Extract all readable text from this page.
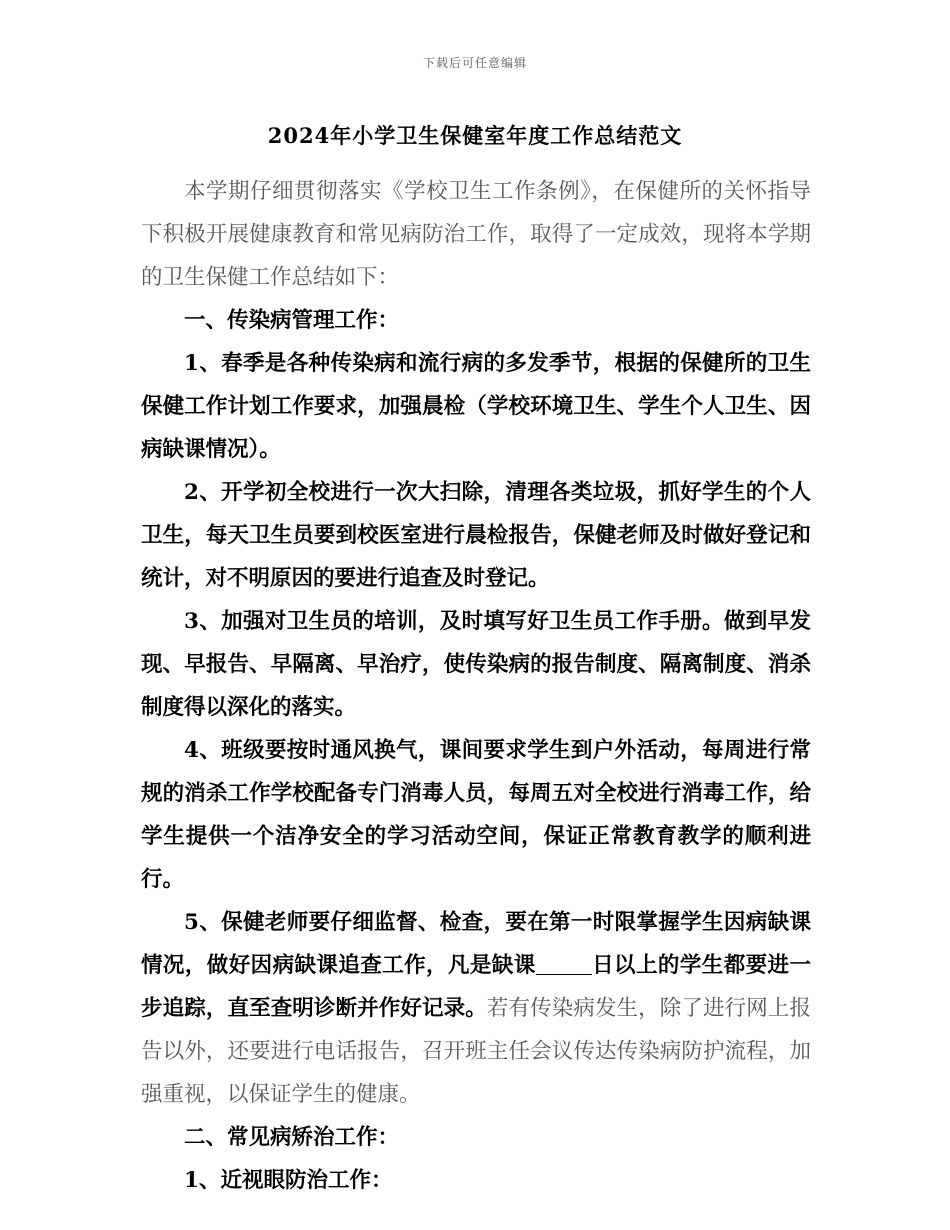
下载后可任意编辑
2024年小学卫生保健室年度工作总结范文

本学期仔细贯彻落实《学校卫生工作条例》，在保健所的关怀指导下积极开展健康教育和常见病防治工作，取得了一定成效，现将本学期的卫生保健工作总结如下：

一、传染病管理工作：

1、春季是各种传染病和流行病的多发季节，根据的保健所的卫生保健工作计划工作要求，加强晨检（学校环境卫生、学生个人卫生、因病缺课情况）。

2、开学初全校进行一次大扫除，清理各类垃圾，抓好学生的个人卫生，每天卫生员要到校医室进行晨检报告，保健老师及时做好登记和统计，对不明原因的要进行追查及时登记。

3、加强对卫生员的培训，及时填写好卫生员工作手册。做到早发现、早报告、早隔离、早治疗，使传染病的报告制度、隔离制度、消杀制度得以深化的落实。

4、班级要按时通风换气，课间要求学生到户外活动，每周进行常规的消杀工作学校配备专门消毒人员，每周五对全校进行消毒工作，给学生提供一个洁净安全的学习活动空间，保证正常教育教学的顺利进行。

5、保健老师要仔细监督、检查，要在第一时限掌握学生因病缺课情况，做好因病缺课追查工作，凡是缺课	日以上的学生都要进一步追踪，直至查明诊断并作好记录。若有传染病发生，除了进行网上报告以外，还要进行电话报告，召开班主任会议传达传染病防护流程，加强重视，以保证学生的健康。

二、常见病矫治工作：

1、近视眼防治工作：
